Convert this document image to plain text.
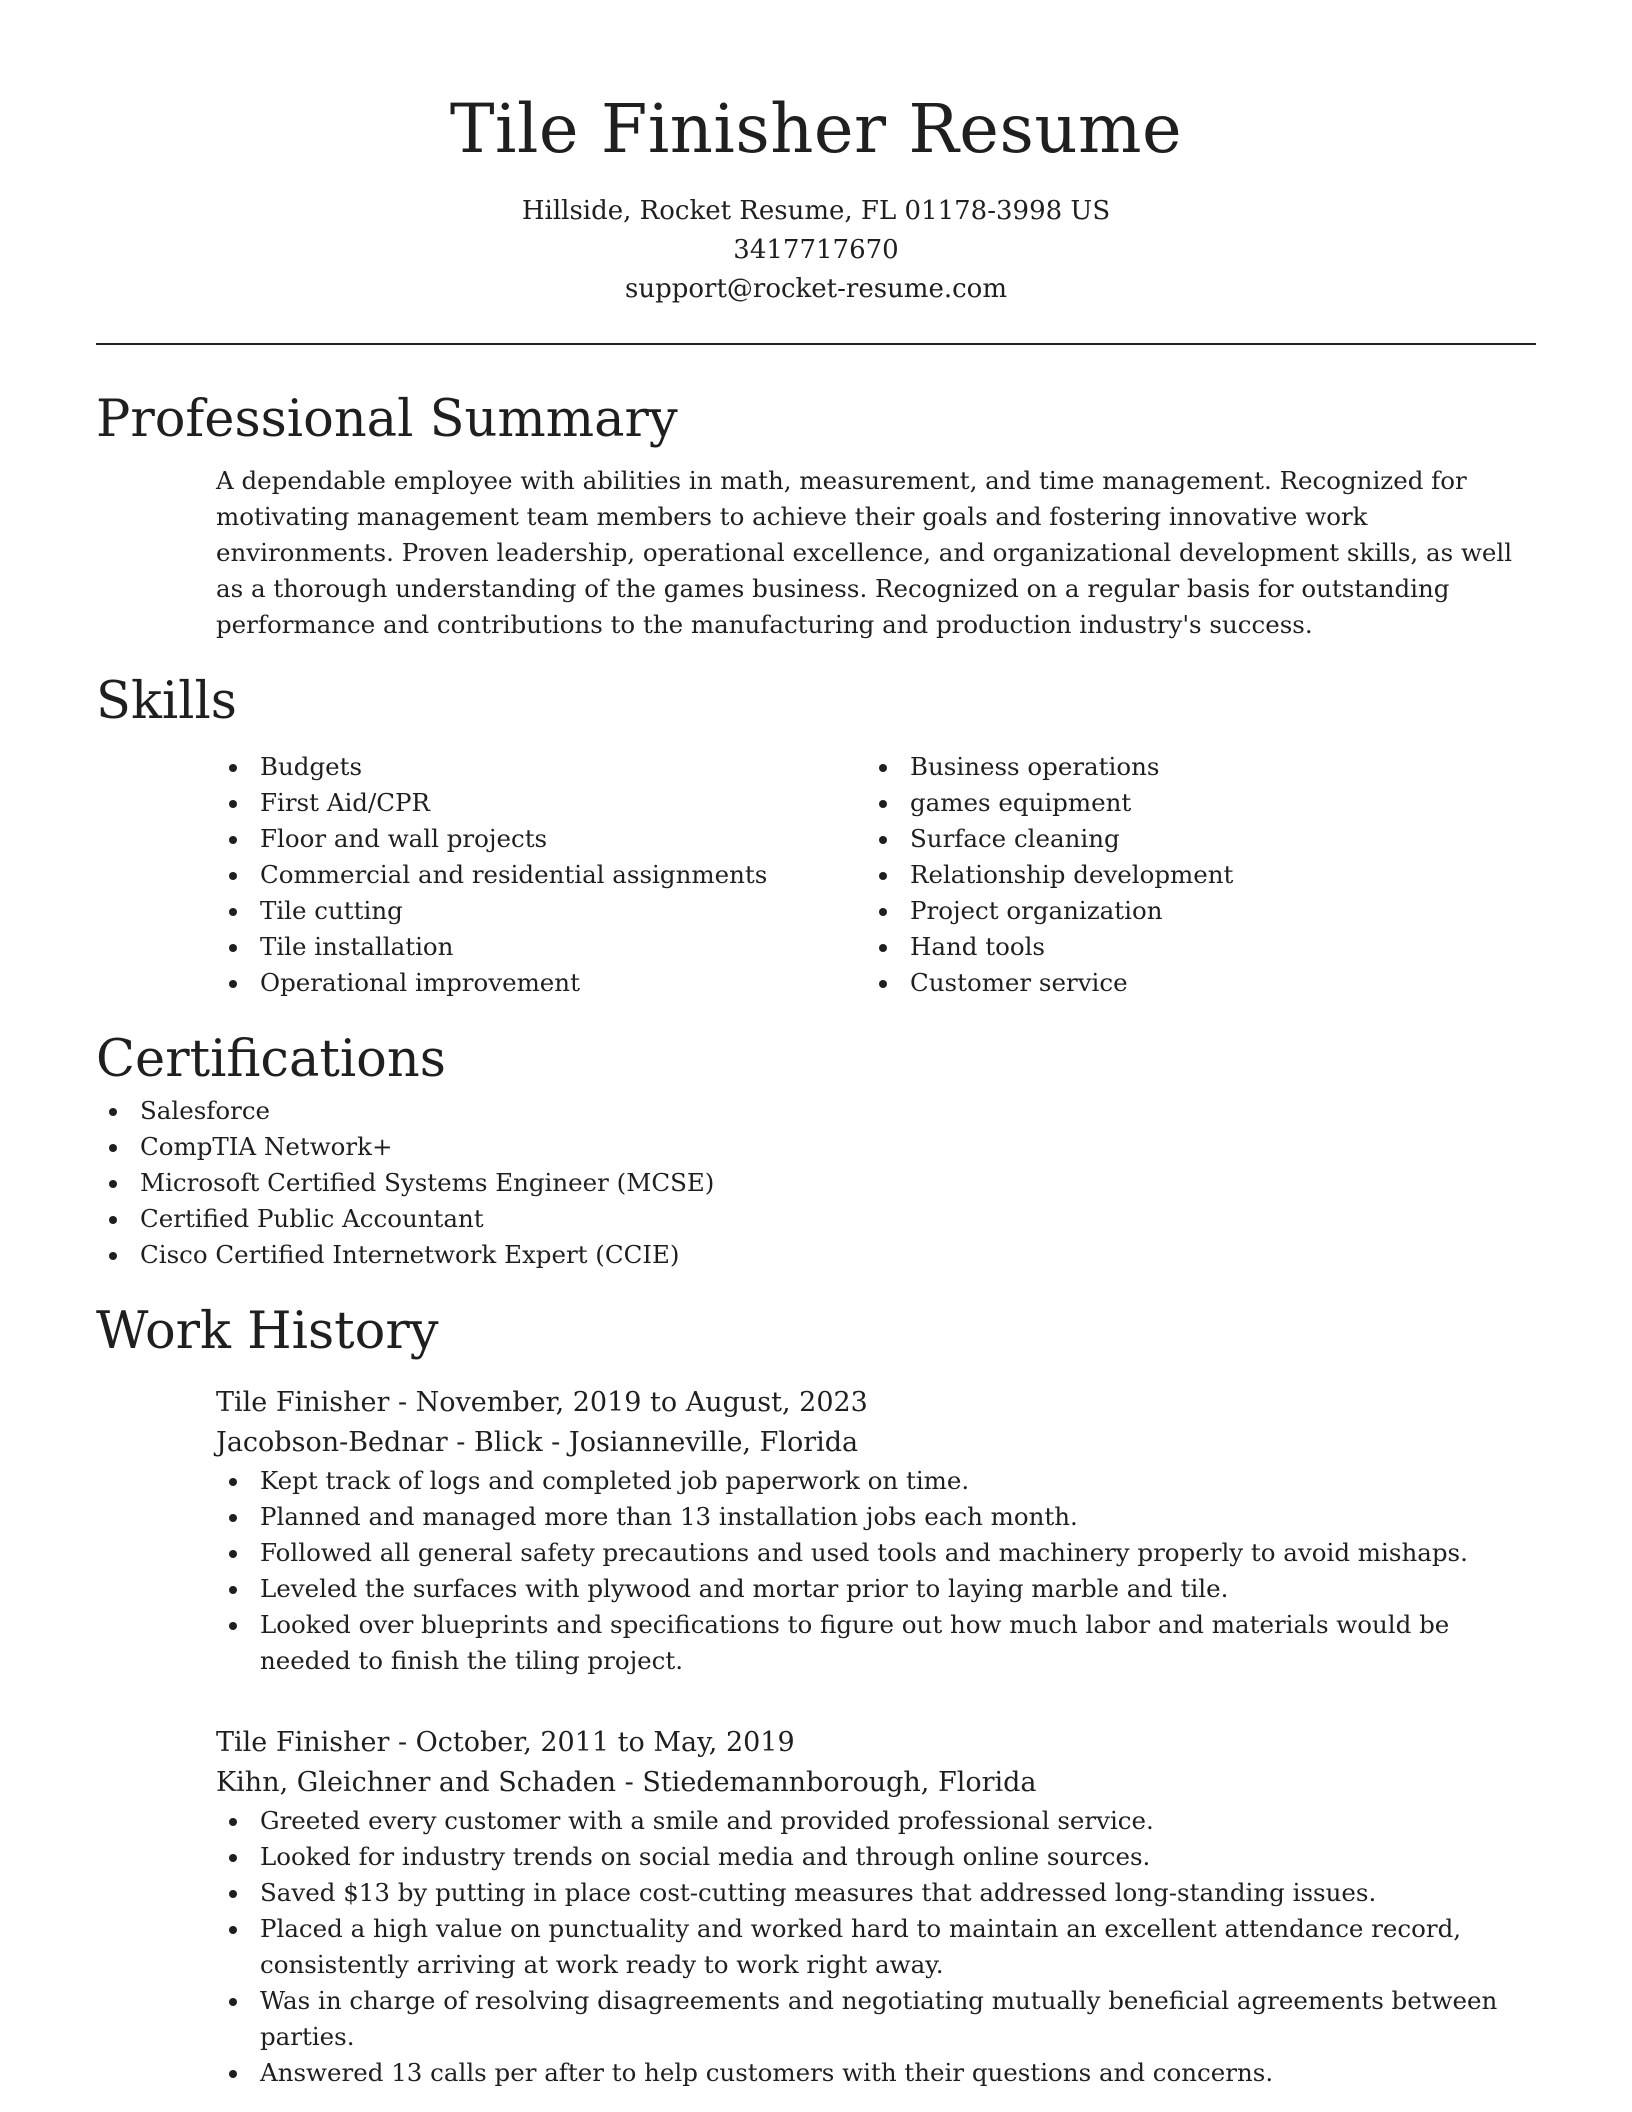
Tile Finisher Resume
Hillside, Rocket Resume, FL 01178-3998 US
3417717670
support@rocket-resume.com
Professional Summary
A dependable employee with abilities in math, measurement, and time management. Recognized for motivating management team members to achieve their goals and fostering innovative work environments. Proven leadership, operational excellence, and organizational development skills, as well as a thorough understanding of the games business. Recognized on a regular basis for outstanding performance and contributions to the manufacturing and production industry's success.
Skills
Budgets
First Aid/CPR
Floor and wall projects
Commercial and residential assignments
Tile cutting
Tile installation
Operational improvement
Business operations
games equipment
Surface cleaning
Relationship development
Project organization
Hand tools
Customer service
Certifications
Salesforce
CompTIA Network+
Microsoft Certified Systems Engineer (MCSE)
Certified Public Accountant
Cisco Certified Internetwork Expert (CCIE)
Work History
Tile Finisher - November, 2019 to August, 2023
Jacobson-Bednar - Blick - Josianneville, Florida
Kept track of logs and completed job paperwork on time.
Planned and managed more than 13 installation jobs each month.
Followed all general safety precautions and used tools and machinery properly to avoid mishaps.
Leveled the surfaces with plywood and mortar prior to laying marble and tile.
Looked over blueprints and specifications to figure out how much labor and materials would be needed to finish the tiling project.
Tile Finisher - October, 2011 to May, 2019
Kihn, Gleichner and Schaden - Stiedemannborough, Florida
Greeted every customer with a smile and provided professional service.
Looked for industry trends on social media and through online sources.
Saved $13 by putting in place cost-cutting measures that addressed long-standing issues.
Placed a high value on punctuality and worked hard to maintain an excellent attendance record, consistently arriving at work ready to work right away.
Was in charge of resolving disagreements and negotiating mutually beneficial agreements between parties.
Answered 13 calls per after to help customers with their questions and concerns.
